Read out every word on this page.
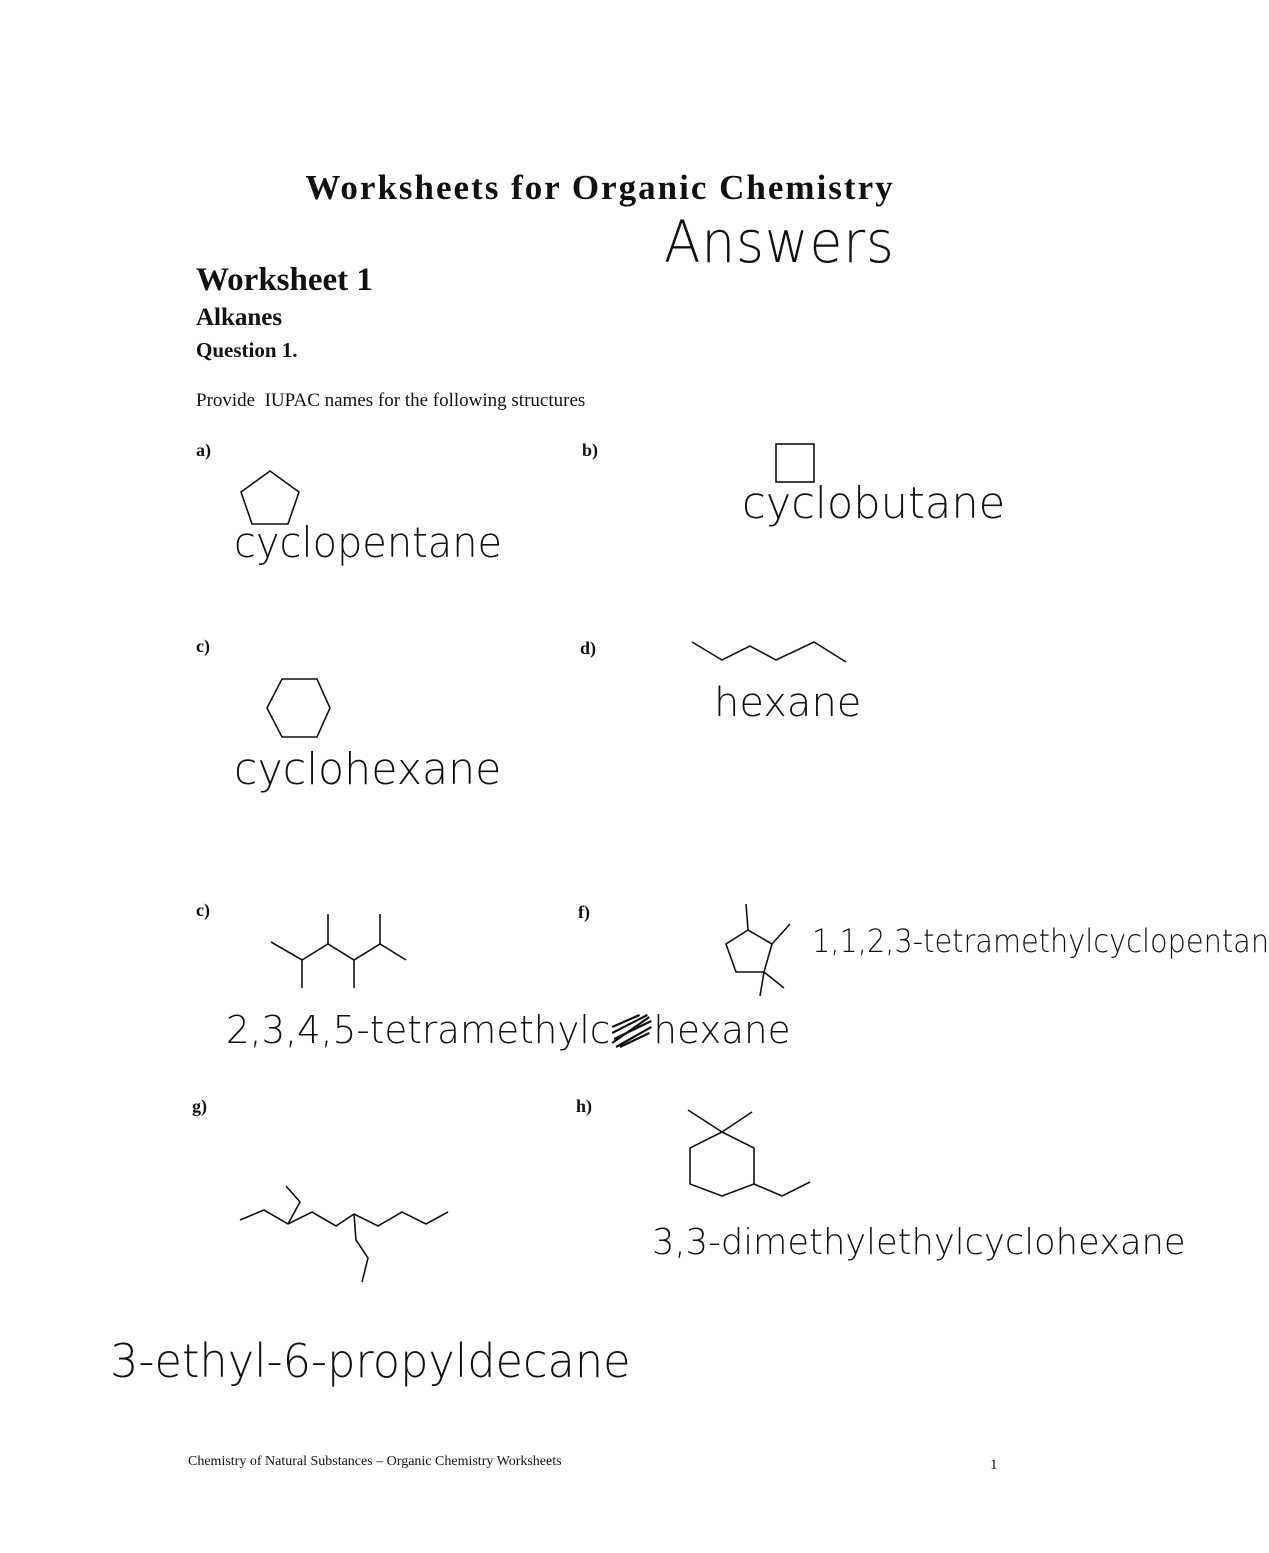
Worksheets for Organic Chemistry
Answers
Worksheet 1
Alkanes
Question 1.
Provide  IUPAC names for the following structures
a)
cyclopentane
b)
cyclobutane
c)
cyclohexane
d)
hexane
c)
2,3,4,5-tetramethylc hexane
f)
1,1,2,3-tetramethylcyclopentan
g)
3-ethyl-6-propyldecane
h)
3,3-dimethylethylcyclohexane
Chemistry of Natural Substances – Organic Chemistry Worksheets	1
